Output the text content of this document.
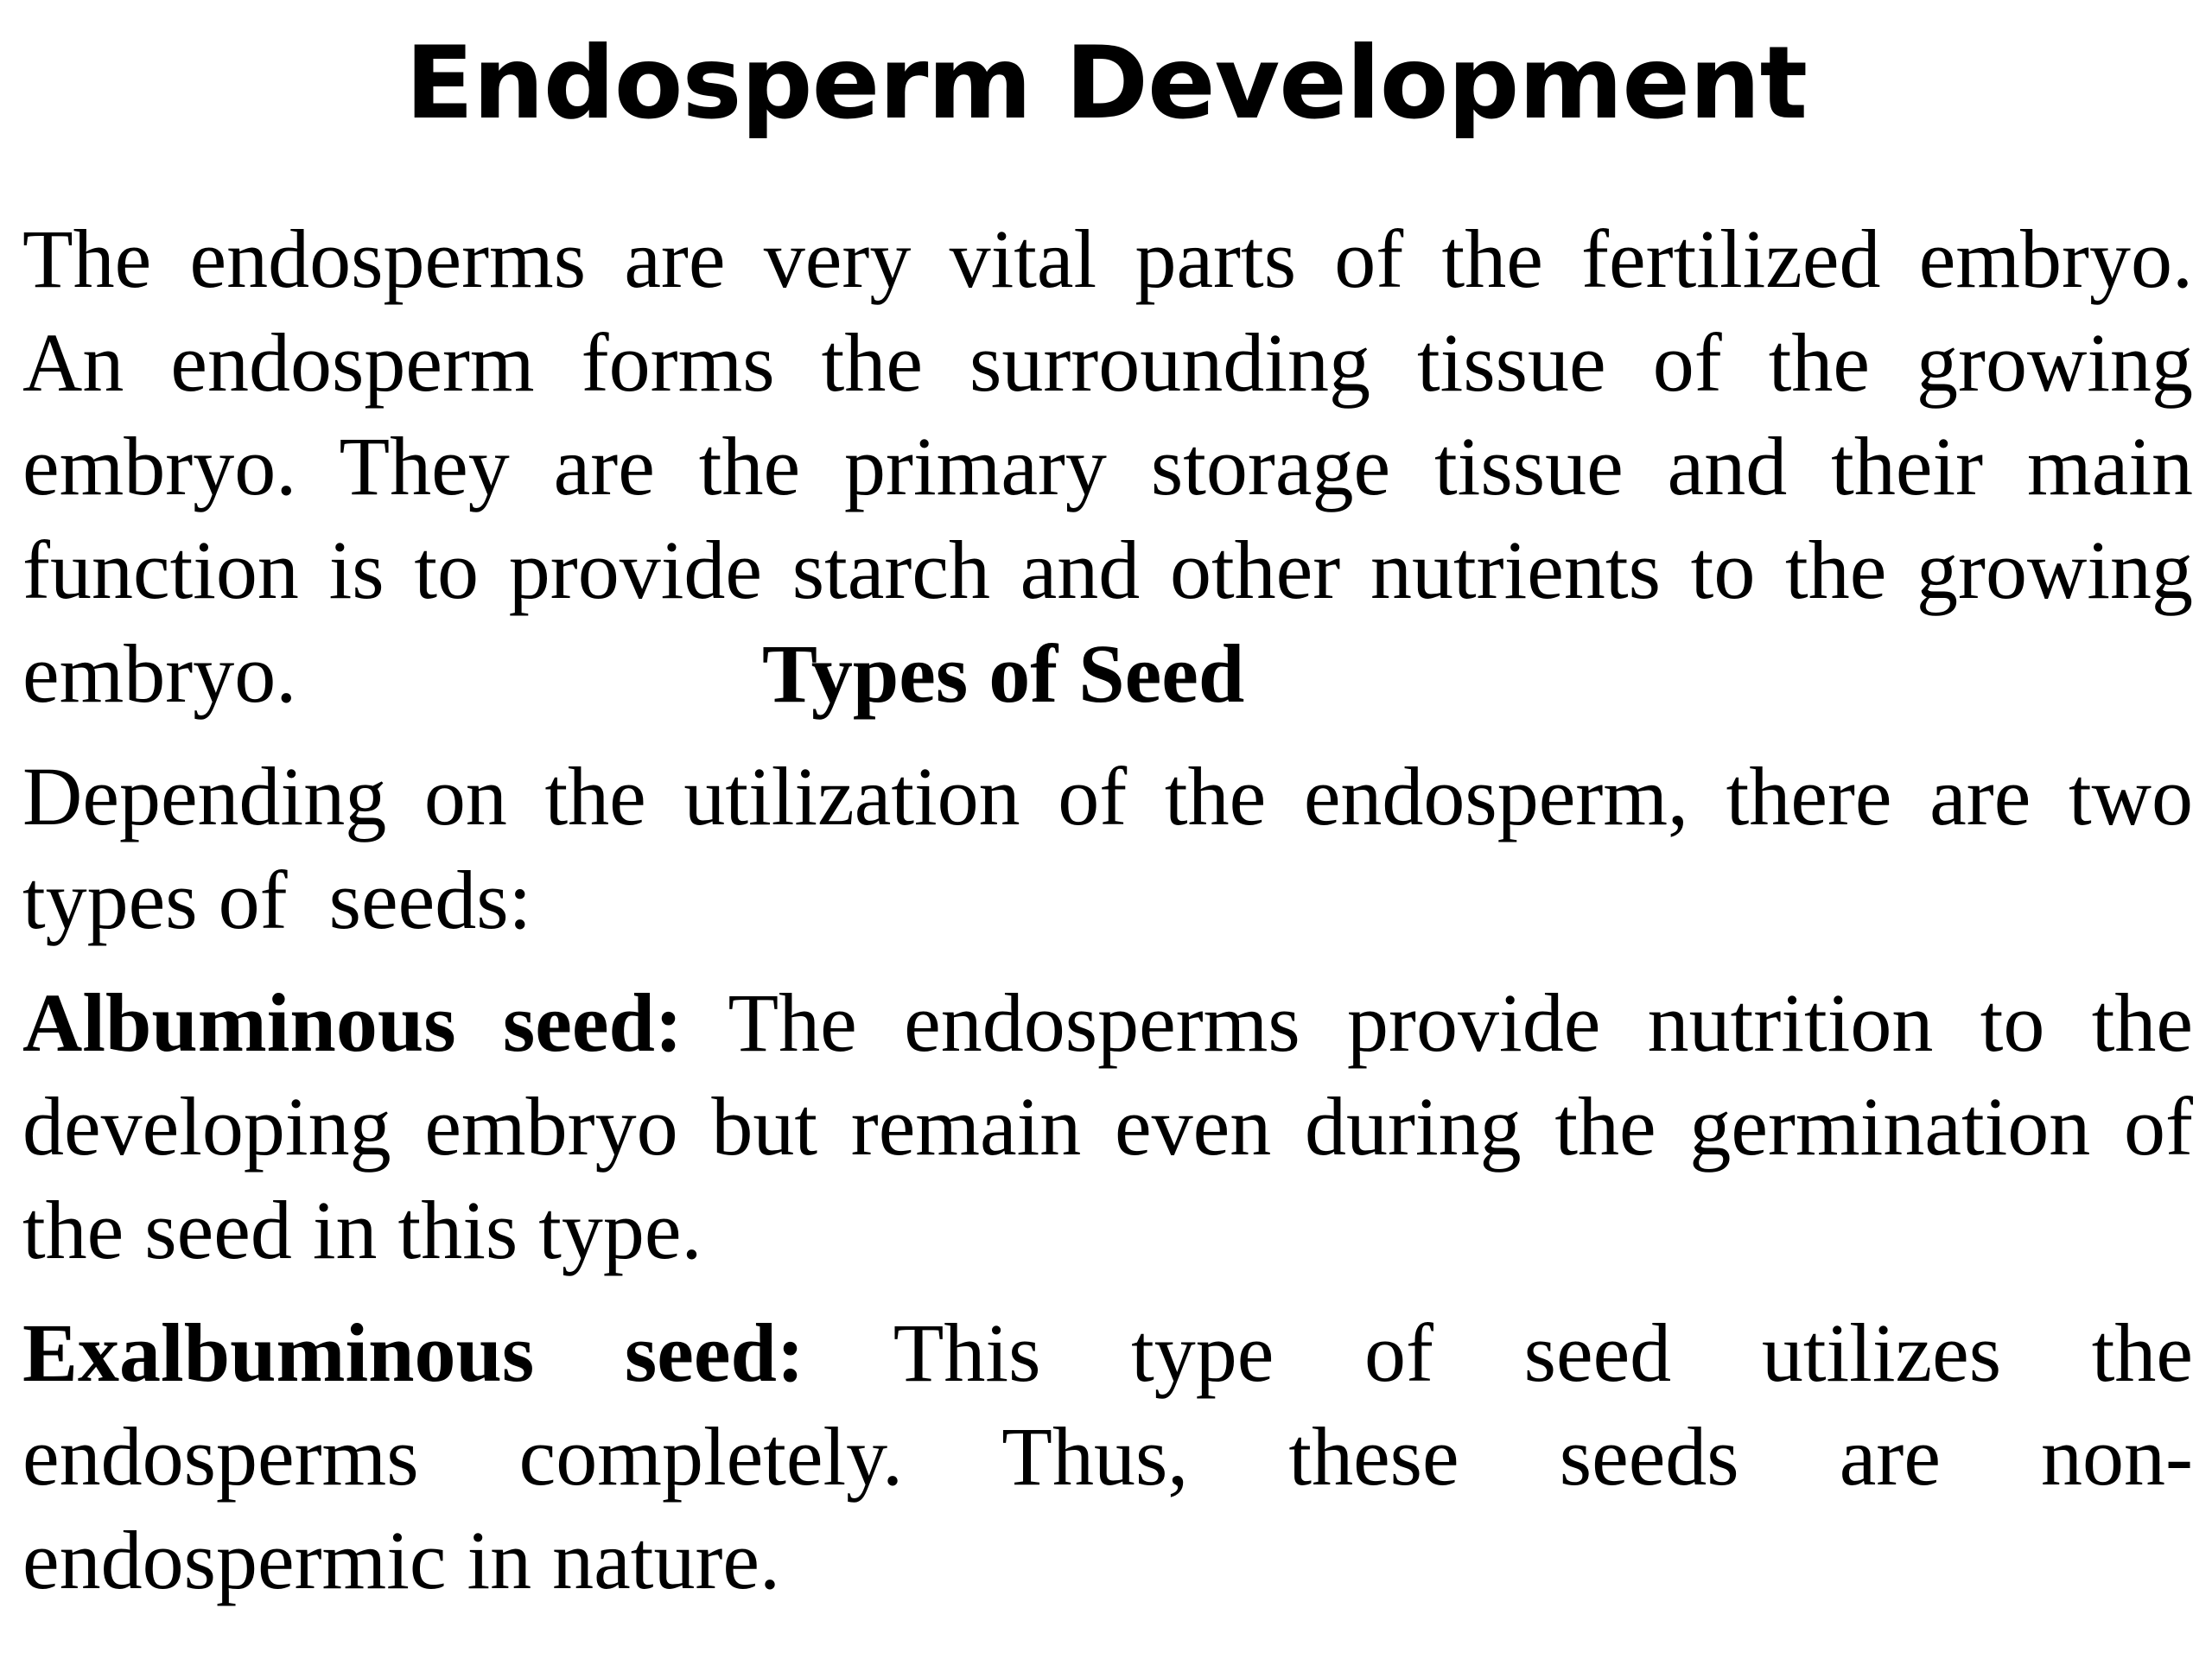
Endosperm Development

The endosperms are very vital parts of the fertilized embryo.
An endosperm forms the surrounding tissue of the growing
embryo. They are the primary storage tissue and their main
function is to provide starch and other nutrients to the growing
embryo.	Types of Seed

Depending on the utilization of the endosperm, there are two
types of  seeds:

Albuminous seed: The endosperms provide nutrition to the
developing embryo but remain even during the germination of
the seed in this type.

Exalbuminous seed: This type of seed utilizes the
endosperms completely. Thus, these seeds are non-
endospermic in nature.
